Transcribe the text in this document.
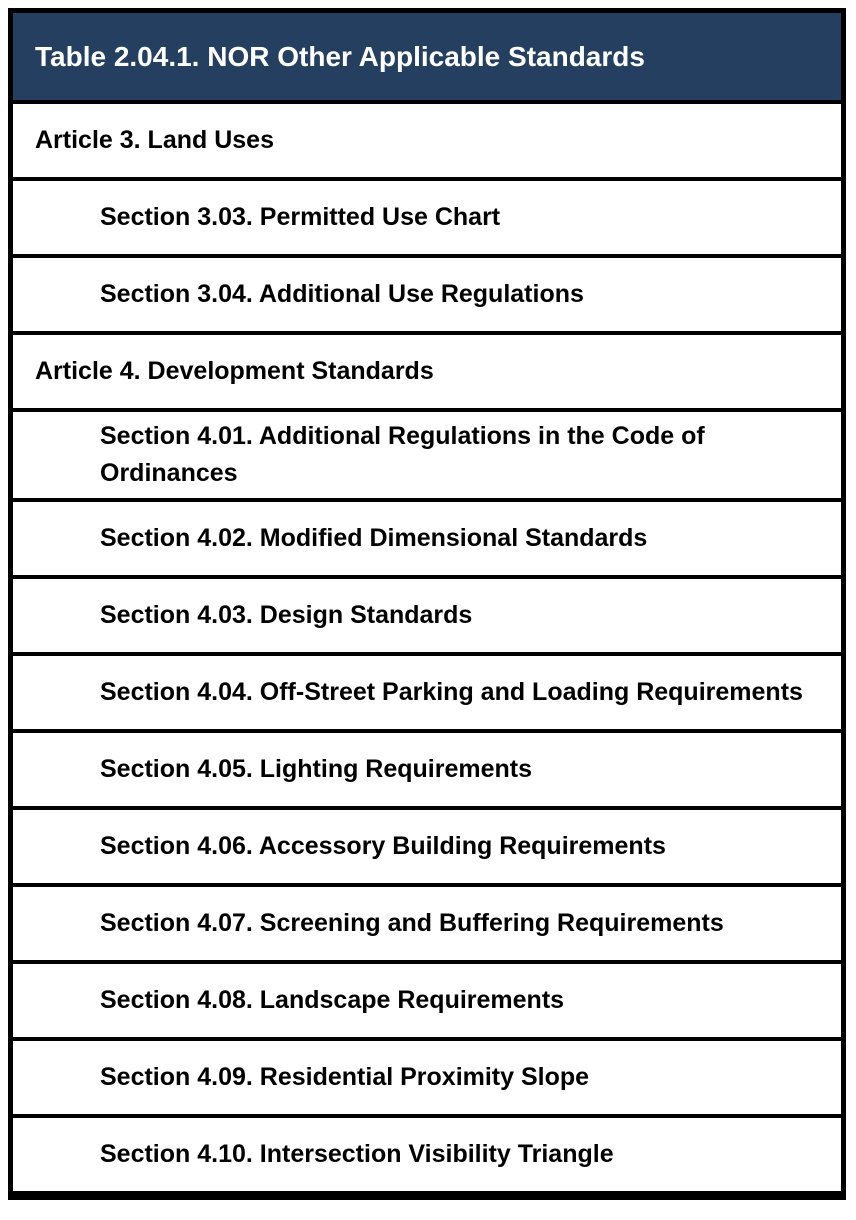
Table 2.04.1. NOR Other Applicable Standards
Article 3. Land Uses
Section 3.03. Permitted Use Chart
Section 3.04. Additional Use Regulations
Article 4. Development Standards
Section 4.01. Additional Regulations in the Code of Ordinances
Section 4.02. Modified Dimensional Standards
Section 4.03. Design Standards
Section 4.04. Off-Street Parking and Loading Requirements
Section 4.05. Lighting Requirements
Section 4.06. Accessory Building Requirements
Section 4.07. Screening and Buffering Requirements
Section 4.08. Landscape Requirements
Section 4.09. Residential Proximity Slope
Section 4.10. Intersection Visibility Triangle
